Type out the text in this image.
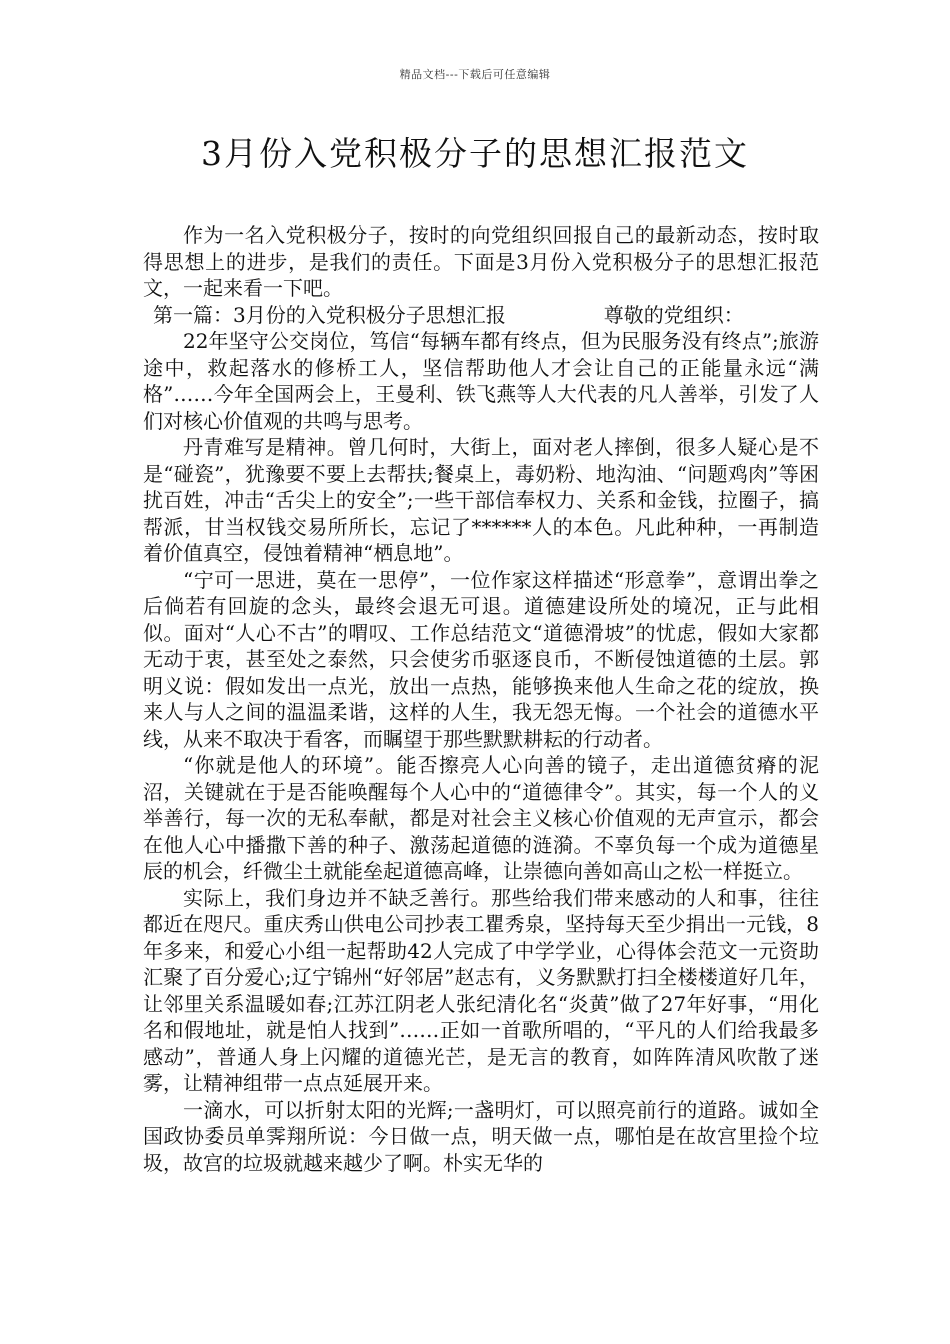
精品文档---下载后可任意编辑
3月份入党积极分子的思想汇报范文

作为一名入党积极分子，按时的向党组织回报自己的最新动态，按时取得思想上的进步，是我们的责任。下面是3月份入党积极分子的思想汇报范文，一起来看一下吧。

第一篇：3月份的入党积极分子思想汇报	尊敬的党组织：

22年坚守公交岗位，笃信“每辆车都有终点，但为民服务没有终点”;旅游途中，救起落水的修桥工人，坚信帮助他人才会让自己的正能量永远“满格”……今年全国两会上，王曼利、铁飞燕等人大代表的凡人善举，引发了人们对核心价值观的共鸣与思考。

丹青难写是精神。曾几何时，大街上，面对老人摔倒，很多人疑心是不是“碰瓷”，犹豫要不要上去帮扶;餐桌上，毒奶粉、地沟油、“问题鸡肉”等困扰百姓，冲击“舌尖上的安全”;一些干部信奉权力、关系和金钱，拉圈子，搞帮派，甘当权钱交易所所长，忘记了******人的本色。凡此种种，一再制造着价值真空，侵蚀着精神“栖息地”。

“宁可一思进，莫在一思停”，一位作家这样描述“形意拳”，意谓出拳之后倘若有回旋的念头，最终会退无可退。道德建设所处的境况，正与此相似。面对“人心不古”的喟叹、工作总结范文“道德滑坡”的忧虑，假如大家都无动于衷，甚至处之泰然，只会使劣币驱逐良币，不断侵蚀道德的土层。郭明义说：假如发出一点光，放出一点热，能够换来他人生命之花的绽放，换来人与人之间的温温柔谐，这样的人生，我无怨无悔。一个社会的道德水平线，从来不取决于看客，而瞩望于那些默默耕耘的行动者。

“你就是他人的环境”。能否擦亮人心向善的镜子，走出道德贫瘠的泥沼，关键就在于是否能唤醒每个人心中的“道德律令”。其实，每一个人的义举善行，每一次的无私奉献，都是对社会主义核心价值观的无声宣示，都会在他人心中播撒下善的种子、激荡起道德的涟漪。不辜负每一个成为道德星辰的机会，纤微尘土就能垒起道德高峰，让崇德向善如高山之松一样挺立。

实际上，我们身边并不缺乏善行。那些给我们带来感动的人和事，往往都近在咫尺。重庆秀山供电公司抄表工瞿秀泉，坚持每天至少捐出一元钱，8年多来，和爱心小组一起帮助42人完成了中学学业，心得体会范文一元资助汇聚了百分爱心;辽宁锦州“好邻居”赵志有，义务默默打扫全楼楼道好几年，让邻里关系温暖如春;江苏江阴老人张纪清化名“炎黄”做了27年好事，“用化名和假地址，就是怕人找到”……正如一首歌所唱的，“平凡的人们给我最多感动”，普通人身上闪耀的道德光芒，是无言的教育，如阵阵清风吹散了迷雾，让精神组带一点点延展开来。

一滴水，可以折射太阳的光辉;一盏明灯，可以照亮前行的道路。诚如全国政协委员单霁翔所说：今日做一点，明天做一点，哪怕是在故宫里捡个垃圾，故宫的垃圾就越来越少了啊。朴实无华的
